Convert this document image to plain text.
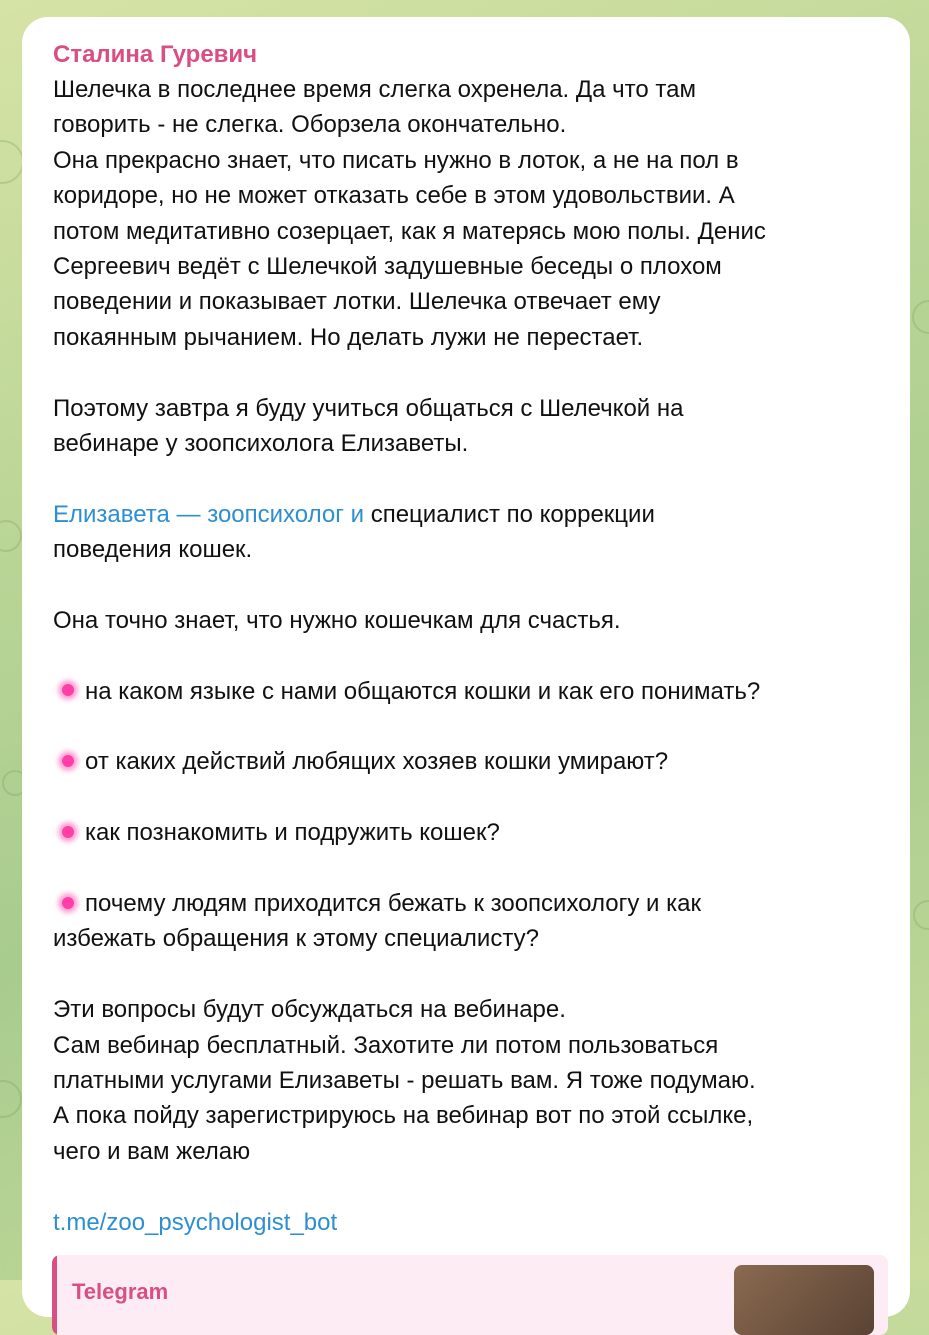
Сталина Гуревич
Шелечка в последнее время слегка охренела. Да что там
говорить - не слегка. Оборзела окончательно.
Она прекрасно знает, что писать нужно в лоток, а не на пол в
коридоре, но не может отказать себе в этом удовольствии. А
потом медитативно созерцает, как я матерясь мою полы. Денис
Сергеевич ведёт с Шелечкой задушевные беседы о плохом
поведении и показывает лотки. Шелечка отвечает ему
покаянным рычанием. Но делать лужи не перестает.
Поэтому завтра я буду учиться общаться с Шелечкой на
вебинаре у зоопсихолога Елизаветы.
Елизавета — зоопсихолог и специалист по коррекции
поведения кошек.
Она точно знает, что нужно кошечкам для счастья.
на каком языке с нами общаются кошки и как его понимать?
от каких действий любящих хозяев кошки умирают?
как познакомить и подружить кошек?
почему людям приходится бежать к зоопсихологу и как
избежать обращения к этому специалисту?
Эти вопросы будут обсуждаться на вебинаре.
Сам вебинар бесплатный. Захотите ли потом пользоваться
платными услугами Елизаветы - решать вам. Я тоже подумаю.
А пока пойду зарегистрируюсь на вебинар вот по этой ссылке,
чего и вам желаю
t.me/zoo_psychologist_bot
Telegram
